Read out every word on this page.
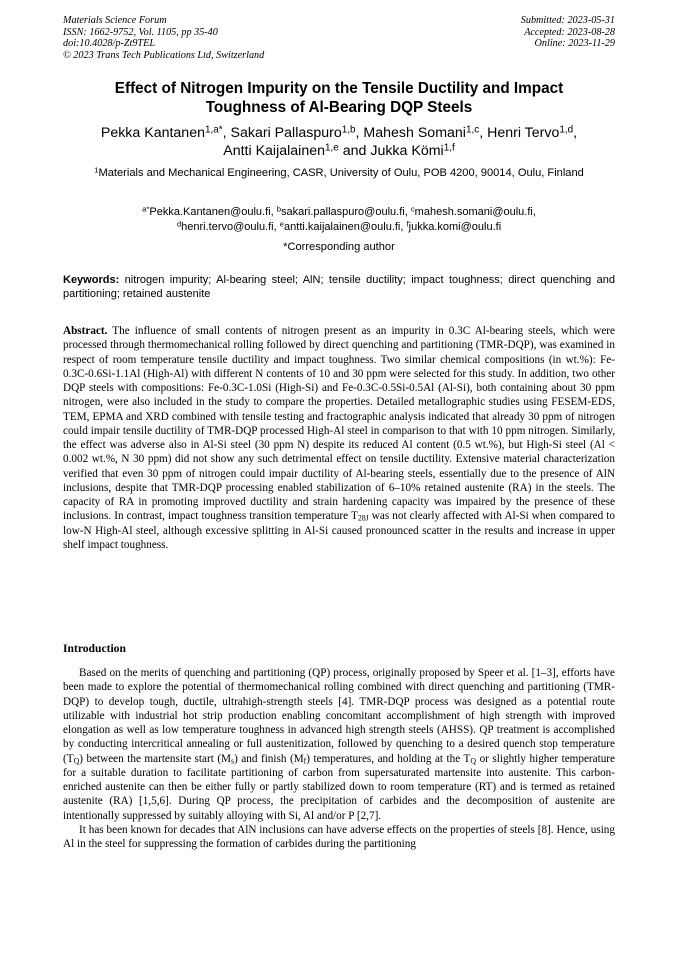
Materials Science Forum
ISSN: 1662-9752, Vol. 1105, pp 35-40
doi:10.4028/p-Zt9TEL
© 2023 Trans Tech Publications Ltd, Switzerland
Submitted: 2023-05-31
Accepted: 2023-08-28
Online: 2023-11-29
Effect of Nitrogen Impurity on the Tensile Ductility and Impact
Toughness of Al-Bearing DQP Steels
Pekka Kantanen$^{1,a*}$, Sakari Pallaspuro$^{1,b}$, Mahesh Somani$^{1,c}$, Henri Tervo$^{1,d}$,
Antti Kaijalainen$^{1,e}$ and Jukka Kömi$^{1,f}$
$^1$Materials and Mechanical Engineering, CASR, University of Oulu, POB 4200, 90014, Oulu, Finland
$^{a*}$Pekka.Kantanen@oulu.fi, $^b$sakari.pallaspuro@oulu.fi, $^c$mahesh.somani@oulu.fi,
$^d$henri.tervo@oulu.fi, $^e$antti.kaijalainen@oulu.fi, $^f$jukka.komi@oulu.fi
*Corresponding author
Keywords: nitrogen impurity; Al-bearing steel; AlN; tensile ductility; impact toughness; direct quenching and partitioning; retained austenite
Abstract. The influence of small contents of nitrogen present as an impurity in 0.3C Al-bearing steels, which were processed through thermomechanical rolling followed by direct quenching and partitioning (TMR-DQP), was examined in respect of room temperature tensile ductility and impact toughness. Two similar chemical compositions (in wt.%): Fe-0.3C-0.6Si-1.1Al (High-Al) with different N contents of 10 and 30 ppm were selected for this study. In addition, two other DQP steels with compositions: Fe-0.3C-1.0Si (High-Si) and Fe-0.3C-0.5Si-0.5Al (Al-Si), both containing about 30 ppm nitrogen, were also included in the study to compare the properties. Detailed metallographic studies using FESEM-EDS, TEM, EPMA and XRD combined with tensile testing and fractographic analysis indicated that already 30 ppm of nitrogen could impair tensile ductility of TMR-DQP processed High-Al steel in comparison to that with 10 ppm nitrogen. Similarly, the effect was adverse also in Al-Si steel (30 ppm N) despite its reduced Al content (0.5 wt.%), but High-Si steel (Al < 0.002 wt.%, N 30 ppm) did not show any such detrimental effect on tensile ductility. Extensive material characterization verified that even 30 ppm of nitrogen could impair ductility of Al-bearing steels, essentially due to the presence of AlN inclusions, despite that TMR-DQP processing enabled stabilization of 6–10% retained austenite (RA) in the steels. The capacity of RA in promoting improved ductility and strain hardening capacity was impaired by the presence of these inclusions. In contrast, impact toughness transition temperature $T_{28J}$ was not clearly affected with Al-Si when compared to low-N High-Al steel, although excessive splitting in Al-Si caused pronounced scatter in the results and increase in upper shelf impact toughness.
Introduction

Based on the merits of quenching and partitioning (QP) process, originally proposed by Speer et al. [1–3], efforts have been made to explore the potential of thermomechanical rolling combined with direct quenching and partitioning (TMR-DQP) to develop tough, ductile, ultrahigh-strength steels [4]. TMR-DQP process was designed as a potential route utilizable with industrial hot strip production enabling concomitant accomplishment of high strength with improved elongation as well as low temperature toughness in advanced high strength steels (AHSS). QP treatment is accomplished by conducting intercritical annealing or full austenitization, followed by quenching to a desired quench stop temperature $(T_Q)$ between the martensite start $(M_s)$ and finish $(M_f)$ temperatures, and holding at the $T_Q$ or slightly higher temperature for a suitable duration to facilitate partitioning of carbon from supersaturated martensite into austenite. This carbon-enriched austenite can then be either fully or partly stabilized down to room temperature (RT) and is termed as retained austenite (RA) [1,5,6]. During QP process, the precipitation of carbides and the decomposition of austenite are intentionally suppressed by suitably alloying with Si, Al and/or P [2,7].

It has been known for decades that AlN inclusions can have adverse effects on the properties of steels [8]. Hence, using Al in the steel for suppressing the formation of carbides during the partitioning
